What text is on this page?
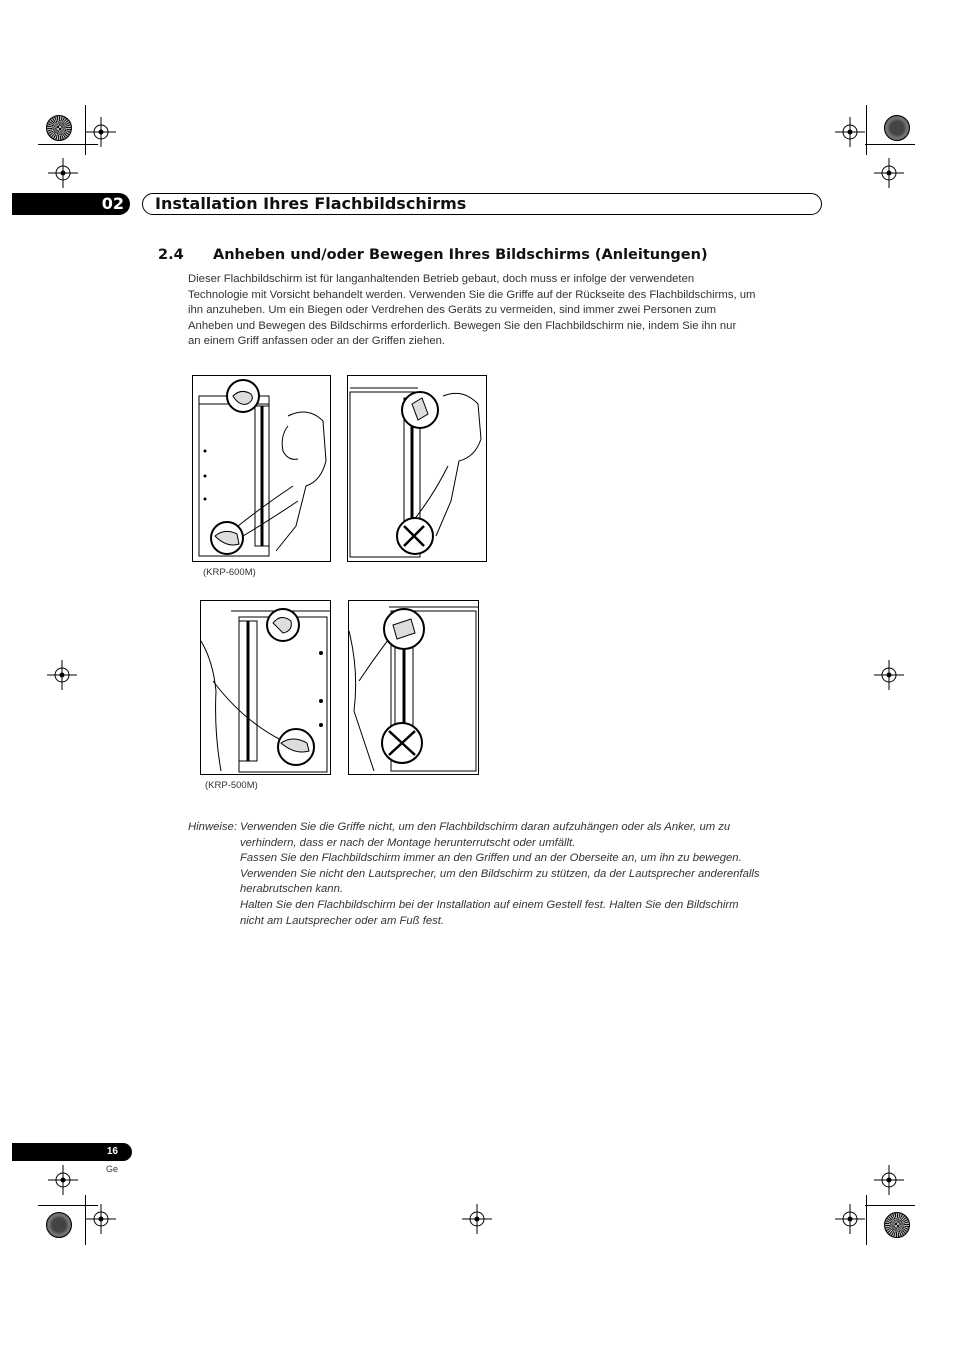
02	Installation Ihres Flachbildschirms
2.4 Anheben und/oder Bewegen Ihres Bildschirms (Anleitungen)
Dieser Flachbildschirm ist für langanhaltenden Betrieb gebaut, doch muss er infolge der verwendeten
Technologie mit Vorsicht behandelt werden. Verwenden Sie die Griffe auf der Rückseite des Flachbildschirms, um
ihn anzuheben. Um ein Biegen oder Verdrehen des Geräts zu vermeiden, sind immer zwei Personen zum
Anheben und Bewegen des Bildschirms erforderlich. Bewegen Sie den Flachbildschirm nie, indem Sie ihn nur
an einem Griff anfassen oder an der Griffen ziehen.
(KRP-600M)
(KRP-500M)
Hinweise: Verwenden Sie die Griffe nicht, um den Flachbildschirm daran aufzuhängen oder als Anker, um zu
verhindern, dass er nach der Montage herunterrutscht oder umfällt.
Fassen Sie den Flachbildschirm immer an den Griffen und an der Oberseite an, um ihn zu bewegen.
Verwenden Sie nicht den Lautsprecher, um den Bildschirm zu stützen, da der Lautsprecher anderenfalls
herabrutschen kann.
Halten Sie den Flachbildschirm bei der Installation auf einem Gestell fest. Halten Sie den Bildschirm
nicht am Lautsprecher oder am Fuß fest.
16
Ge
